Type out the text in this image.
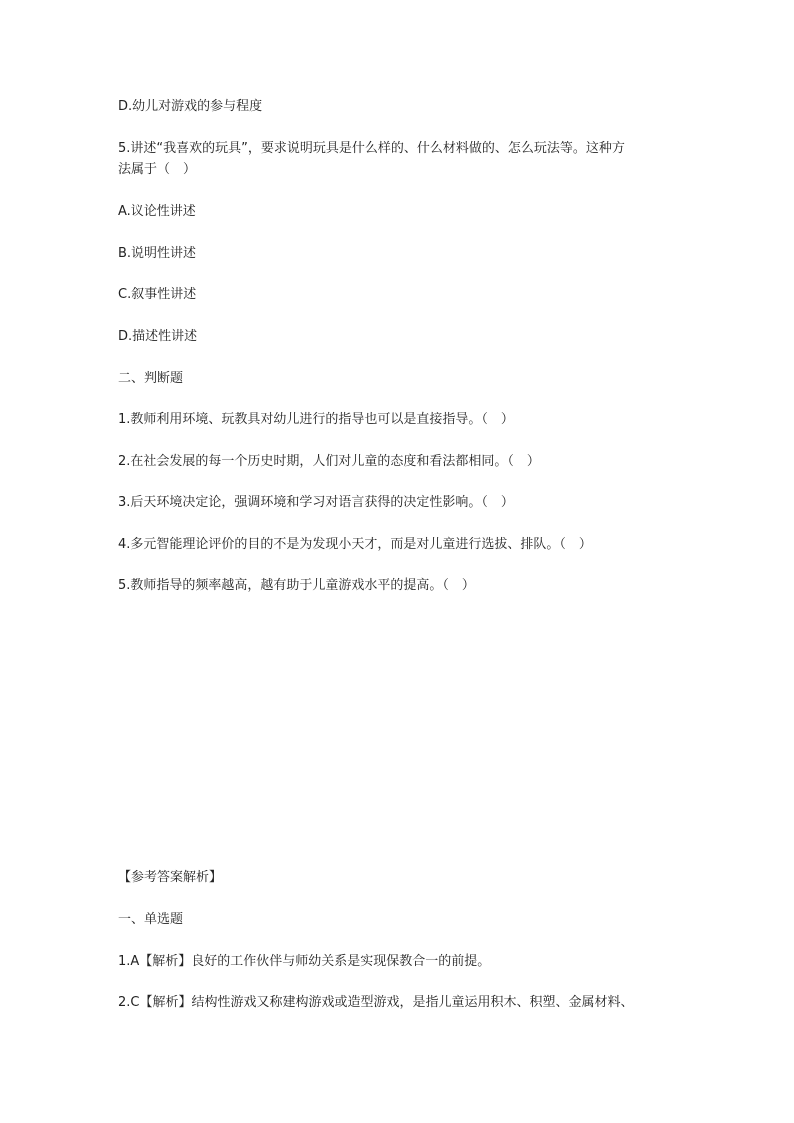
D.幼儿对游戏的参与程度
5.讲述“我喜欢的玩具”，要求说明玩具是什么样的、什么材料做的、怎么玩法等。这种方
法属于（　）
A.议论性讲述
B.说明性讲述
C.叙事性讲述
D.描述性讲述
二、判断题
1.教师利用环境、玩教具对幼儿进行的指导也可以是直接指导。（　）
2.在社会发展的每一个历史时期，人们对儿童的态度和看法都相同。（　）
3.后天环境决定论，强调环境和学习对语言获得的决定性影响。（　）
4.多元智能理论评价的目的不是为发现小天才，而是对儿童进行选拔、排队。（　）
5.教师指导的频率越高，越有助于儿童游戏水平的提高。（　）
【参考答案解析】
一、单选题
1.A【解析】良好的工作伙伴与师幼关系是实现保教合一的前提。
2.C【解析】结构性游戏又称建构游戏或造型游戏，是指儿童运用积木、积塑、金属材料、
